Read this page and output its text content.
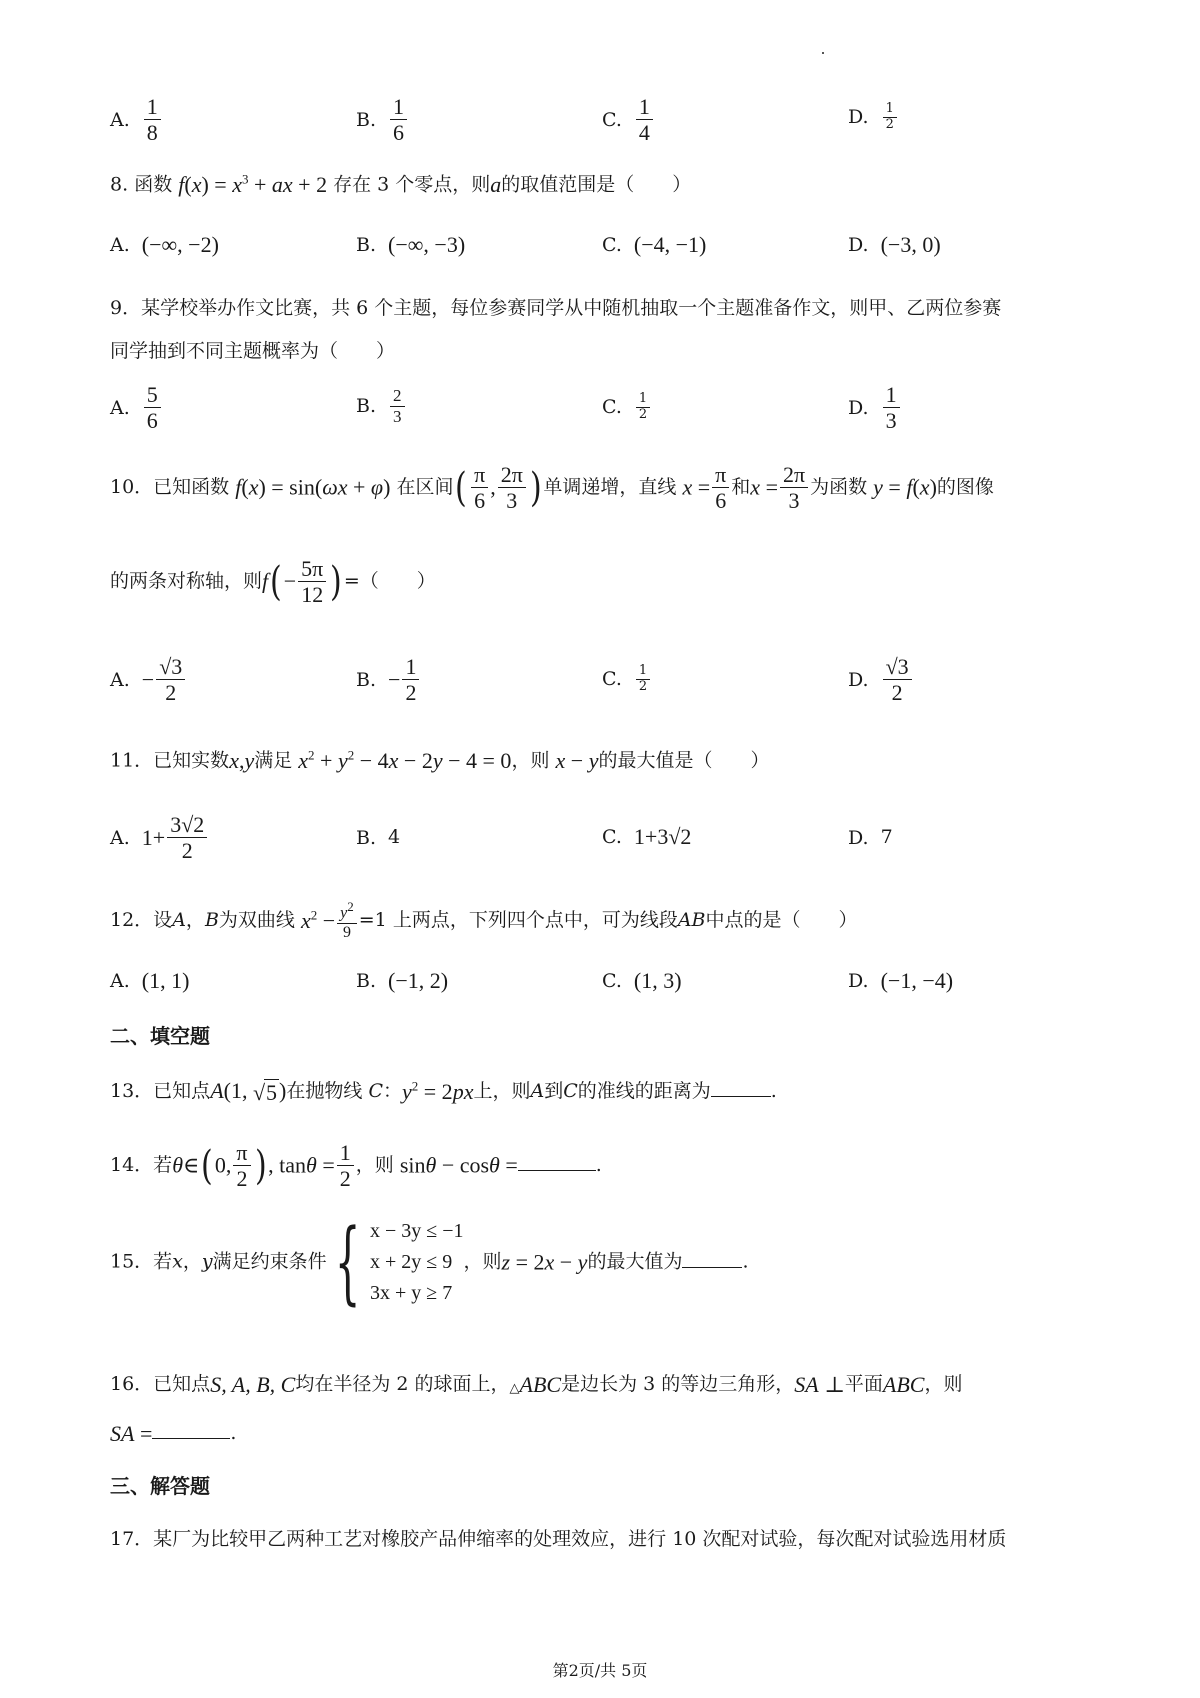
A. $\frac{1}{8}$	B. $\frac{1}{6}$	C. $\frac{1}{4}$	D. $\frac{1}{2}$
8. 函数 $f(x) = x^3$ + ax + 2 存在 3 个零点，则a的取值范围是（　　）
A. (−∞, −2)	B. (−∞, −3)	C. (−4, −1)	D. (−3, 0)
9．某学校举办作文比赛，共 6 个主题，每位参赛同学从中随机抽取一个主题准备作文，则甲、乙两位参赛
同学抽到不同主题概率为（　　）
A. $\frac{5}{6}$	B. $\frac{2}{3}$	C. $\frac{1}{2}$	D. $\frac{1}{3}$
10．已知函数 f(x) = sin(ωx + φ) 在区间( $\frac{\pi}{6}$ , $\frac{2\pi}{3}$ ) 单调递增，直线 $x = \frac{\pi}{6}$ 和$x = \frac{2\pi}{3}$ 为函数 y = f(x)的图像
的两条对称轴，则$f(- \frac{5\pi}{12}$ ) =（　　）
A. − $\frac{√3}{2}$	B. − $\frac{1}{2}$	C. $\frac{1}{2}$	D. $\frac{√3}{2}$
11．已知实数x,y满足 $x^2 + y^2 - 4x - 2y - 4 = 0$，则 x − y的最大值是（　　）
A. $1+ \frac{3√2}{2}$	B. 4	C. 1+3√2	D. 7
12．设A，B为双曲线 $x^2 - \frac{y^2}{9} =1$ 上两点，下列四个点中，可为线段AB中点的是（　　）
A. (1, 1)	B. (−1, 2)	C. (1, 3)	D. (−1, −4)
二、填空题
13．已知点A(1, √5)在抛物线 C：$y^2 = 2px$上，则A到C的准线的距离为	.
14．若θ∈(0, $\frac{\pi}{2}$ ), $\tan\theta = \frac{1}{2}$ ，则 sinθ − cosθ =	.
15．若x，y满足约束条件{ x − 3y ≤ −1
x + 2y ≤ 9
3x + y ≥ 7
，则z = 2x − y的最大值为	.
16．已知点S, A, B, C均在半径为 2 的球面上，△ABC是边长为 3 的等边三角形，SA ⊥平面ABC，则
SA =	.
三、解答题
17．某厂为比较甲乙两种工艺对橡胶产品伸缩率的处理效应，进行 10 次配对试验，每次配对试验选用材质
第2页/共 5页
